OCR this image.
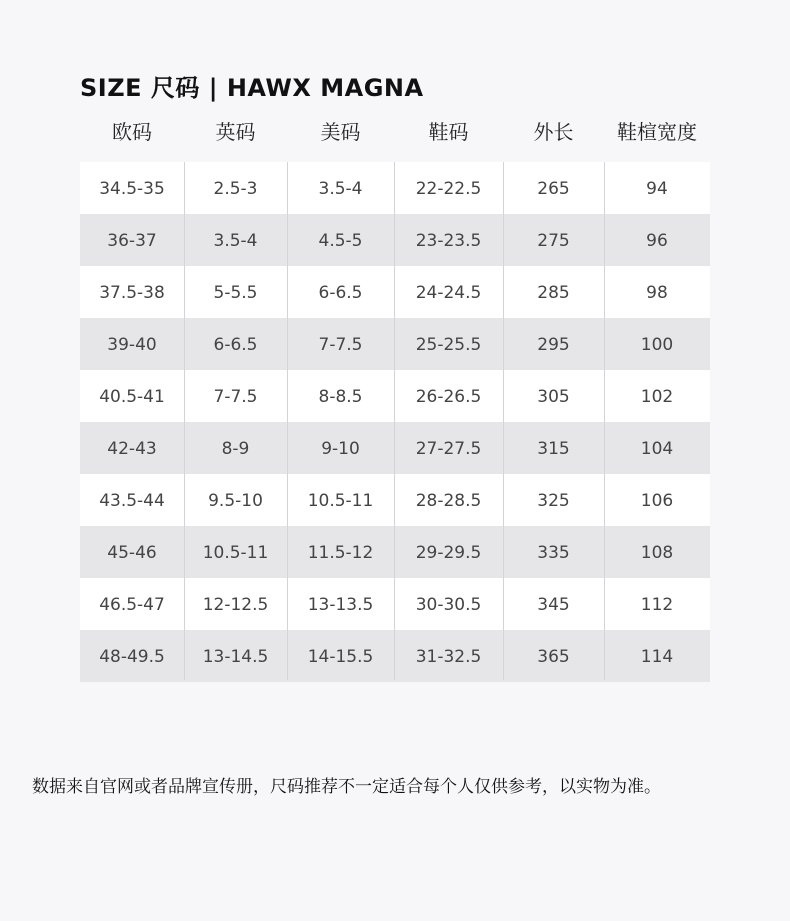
SIZE 尺码 | HAWX MAGNA
欧码	英码	美码	鞋码	外长	鞋楦宽度
34.5-35	2.5-3	3.5-4	22-22.5	265	94
36-37	3.5-4	4.5-5	23-23.5	275	96
37.5-38	5-5.5	6-6.5	24-24.5	285	98
39-40	6-6.5	7-7.5	25-25.5	295	100
40.5-41	7-7.5	8-8.5	26-26.5	305	102
42-43	8-9	9-10	27-27.5	315	104
43.5-44	9.5-10	10.5-11	28-28.5	325	106
45-46	10.5-11	11.5-12	29-29.5	335	108
46.5-47	12-12.5	13-13.5	30-30.5	345	112
48-49.5	13-14.5	14-15.5	31-32.5	365	114
数据来自官网或者品牌宣传册，尺码推荐不一定适合每个人仅供参考，以实物为准。
